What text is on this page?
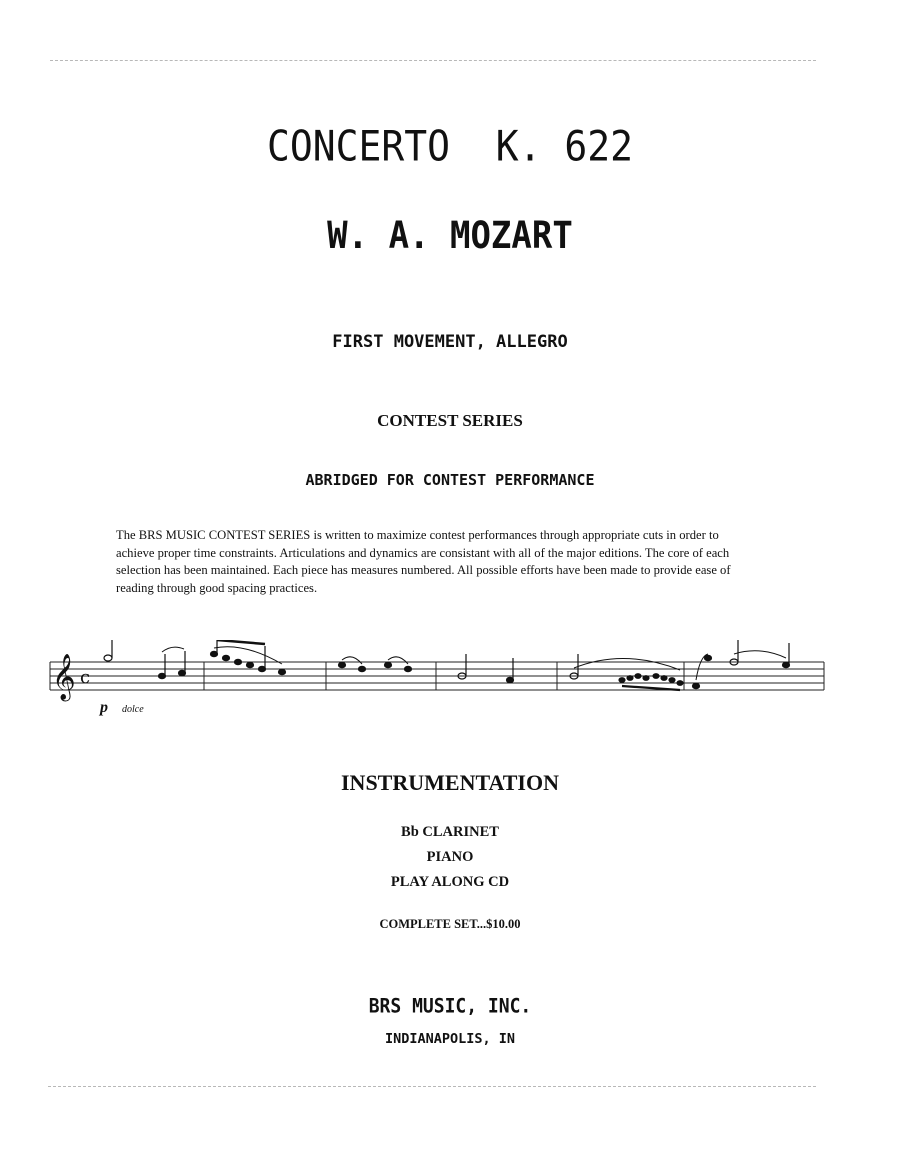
CONCERTO  K. 622
W. A. MOZART
FIRST MOVEMENT, ALLEGRO
CONTEST SERIES
ABRIDGED FOR CONTEST PERFORMANCE

The BRS MUSIC CONTEST SERIES is written to maximize contest performances through appropriate cuts in order to achieve proper time constraints. Articulations and dynamics are consistant with all of the major editions. The core of each selection has been maintained. Each piece has measures numbered. All possible efforts have been made to provide ease of reading through good spacing practices.

𝄞 c
p dolce
INSTRUMENTATION
Bb CLARINET
PIANO
PLAY ALONG CD
COMPLETE SET...$10.00
BRS MUSIC, INC.
INDIANAPOLIS, IN
